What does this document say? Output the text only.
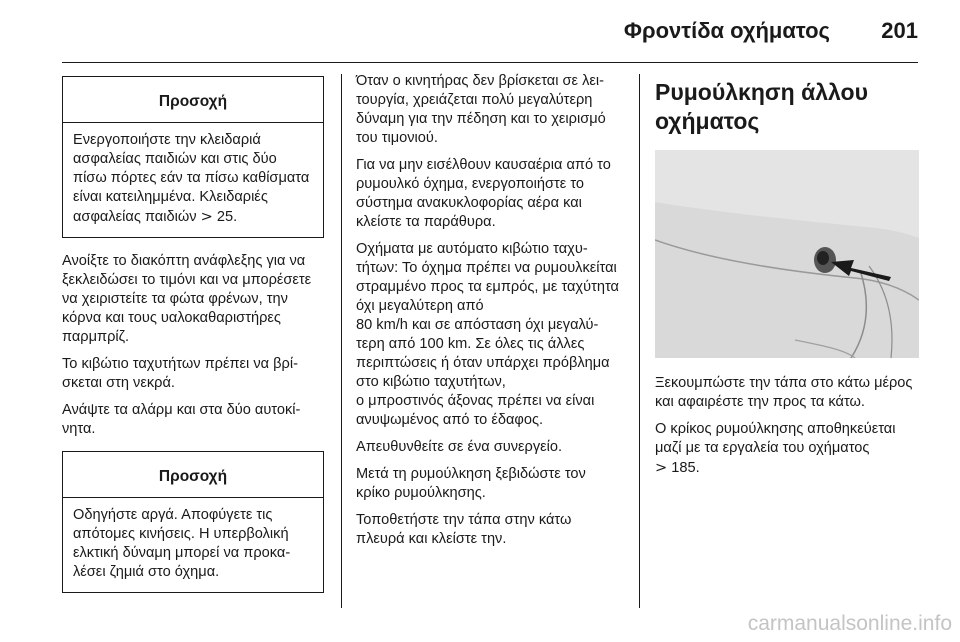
Φροντίδα οχήματος 201
Προσοχή
Ενεργοποιήστε την κλειδαριά ασφαλείας παιδιών και στις δύο πίσω πόρτες εάν τα πίσω καθίσματα είναι κατειλημμένα. Κλειδαριές ασφαλείας παιδιών > 25.

Ανοίξτε το διακόπτη ανάφλεξης για να ξεκλειδώσει το τιμόνι και να μπορέσετε να χειριστείτε τα φώτα φρένων, την κόρνα και τους υαλοκαθαριστήρες παρμπρίζ.

Το κιβώτιο ταχυτήτων πρέπει να βρίσκεται στη νεκρά.

Ανάψτε τα αλάρμ και στα δύο αυτοκίνητα.

Προσοχή
Οδηγήστε αργά. Αποφύγετε τις απότομες κινήσεις. Η υπερβολική ελκτική δύναμη μπορεί να προκαλέσει ζημιά στο όχημα.

Όταν ο κινητήρας δεν βρίσκεται σε λειτουργία, χρειάζεται πολύ μεγαλύτερη δύναμη για την πέδηση και το χειρισμό του τιμονιού.

Για να μην εισέλθουν καυσαέρια από το ρυμουλκό όχημα, ενεργοποιήστε το σύστημα ανακυκλοφορίας αέρα και κλείστε τα παράθυρα.

Οχήματα με αυτόματο κιβώτιο ταχυτήτων: Το όχημα πρέπει να ρυμουλκείται στραμμένο προς τα εμπρός, με ταχύτητα όχι μεγαλύτερη από
80 km/h και σε απόσταση όχι μεγαλύτερη από 100 km. Σε όλες τις άλλες περιπτώσεις ή όταν υπάρχει πρόβλημα στο κιβώτιο ταχυτήτων,
ο μπροστινός άξονας πρέπει να είναι ανυψωμένος από το έδαφος.

Απευθυνθείτε σε ένα συνεργείο.

Μετά τη ρυμούλκηση ξεβιδώστε τον κρίκο ρυμούλκησης.

Τοποθετήστε την τάπα στην κάτω πλευρά και κλείστε την.

Ρυμούλκηση άλλου οχήματος

Ξεκουμπώστε την τάπα στο κάτω μέρος και αφαιρέστε την προς τα κάτω.

Ο κρίκος ρυμούλκησης αποθηκεύεται μαζί με τα εργαλεία του οχήματος
> 185.

carmanualsonline.info
